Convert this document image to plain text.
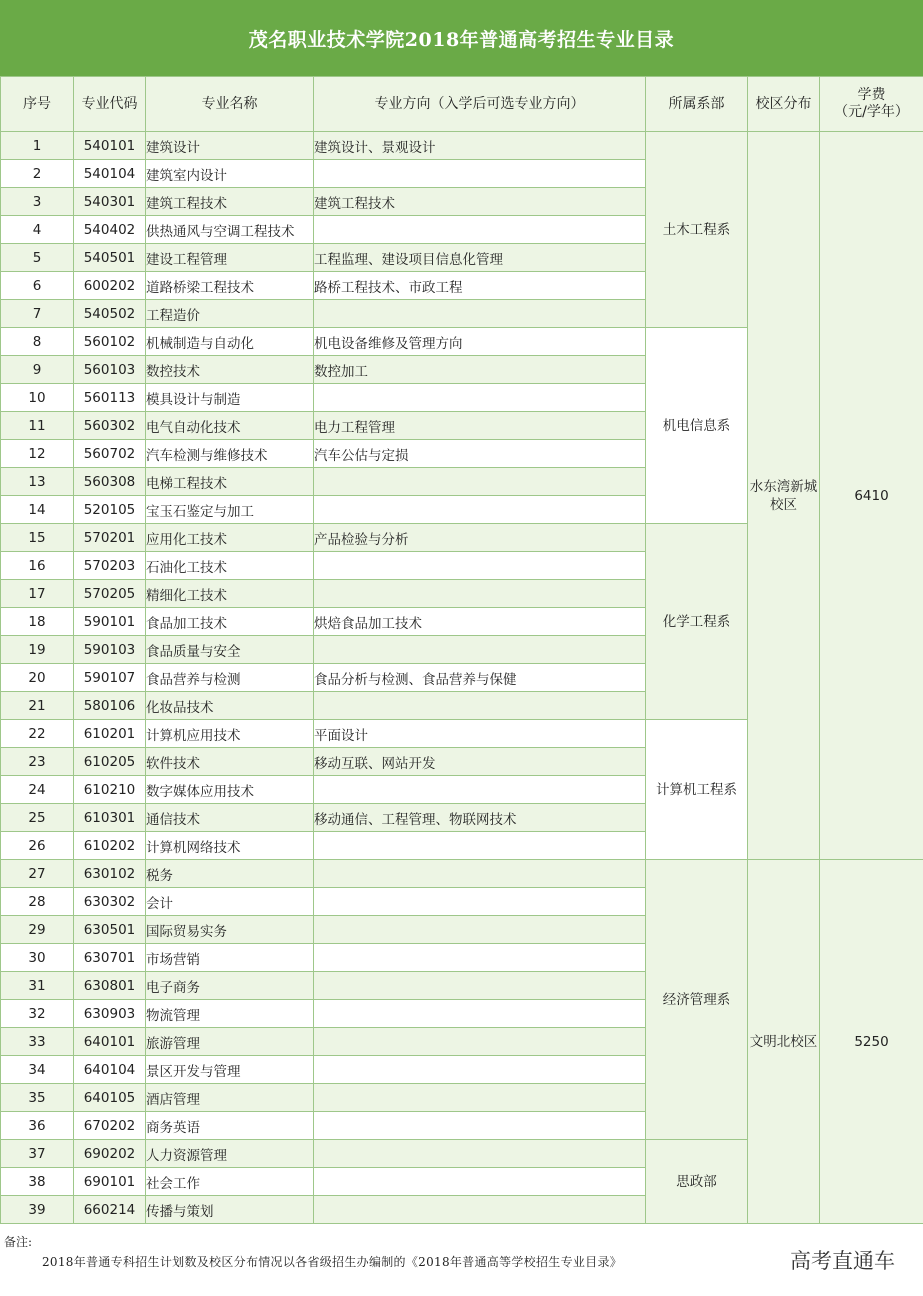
茂名职业技术学院2018年普通高考招生专业目录
序号	专业代码	专业名称	专业方向（入学后可选专业方向）	所属系部	校区分布	学费
（元/学年）
1	540101	建筑设计	建筑设计、景观设计	土木工程系	水东湾新城校区	6410
2	540104	建筑室内设计				
3	540301	建筑工程技术	建筑工程技术			
4	540402	供热通风与空调工程技术				
5	540501	建设工程管理	工程监理、建设项目信息化管理			
6	600202	道路桥梁工程技术	路桥工程技术、市政工程			
7	540502	工程造价				
8	560102	机械制造与自动化	机电设备维修及管理方向	机电信息系		
9	560103	数控技术	数控加工			
10	560113	模具设计与制造				
11	560302	电气自动化技术	电力工程管理			
12	560702	汽车检测与维修技术	汽车公估与定损			
13	560308	电梯工程技术				
14	520105	宝玉石鉴定与加工				
15	570201	应用化工技术	产品检验与分析	化学工程系		
16	570203	石油化工技术				
17	570205	精细化工技术				
18	590101	食品加工技术	烘焙食品加工技术			
19	590103	食品质量与安全				
20	590107	食品营养与检测	食品分析与检测、食品营养与保健			
21	580106	化妆品技术				
22	610201	计算机应用技术	平面设计	计算机工程系		
23	610205	软件技术	移动互联、网站开发			
24	610210	数字媒体应用技术				
25	610301	通信技术	移动通信、工程管理、物联网技术			
26	610202	计算机网络技术				
27	630102	税务		经济管理系	文明北校区	5250
28	630302	会计				
29	630501	国际贸易实务				
30	630701	市场营销				
31	630801	电子商务				
32	630903	物流管理				
33	640101	旅游管理				
34	640104	景区开发与管理				
35	640105	酒店管理				
36	670202	商务英语				
37	690202	人力资源管理		思政部		
38	690101	社会工作				
39	660214	传播与策划				
备注:
2018年普通专科招生计划数及校区分布情况以各省级招生办编制的《2018年普通高等学校招生专业目录》	高考直通车
